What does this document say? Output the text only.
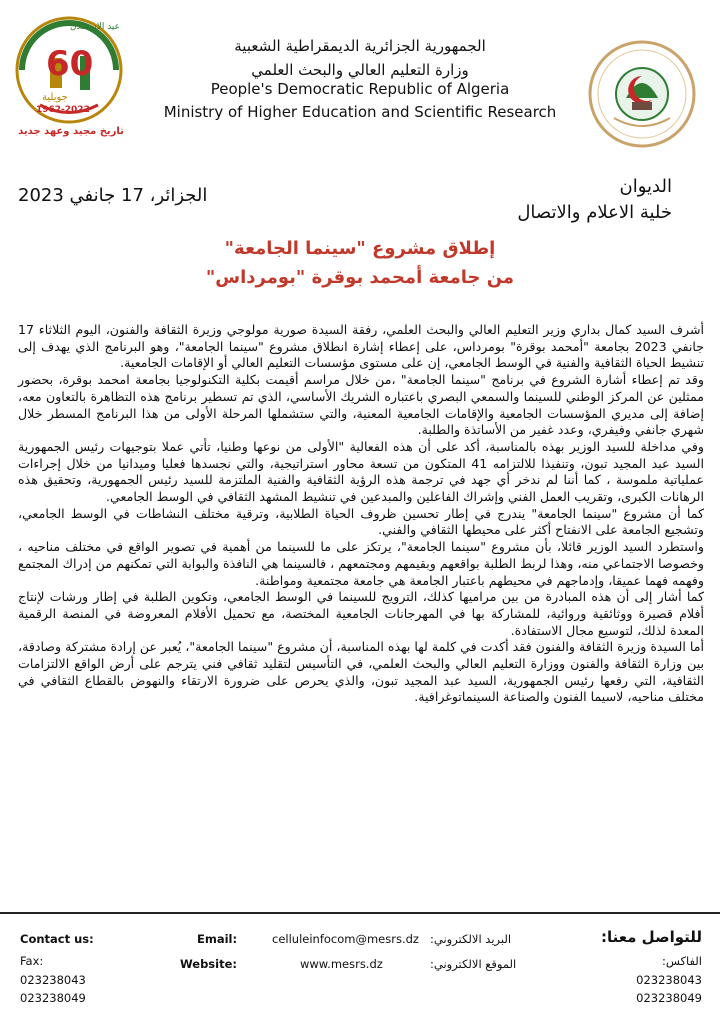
عيد الاستقلال
60
جويلية
1962-2022
تاريخ مجيد وعهد جديد
الجمهورية الجزائرية الديمقراطية الشعبية
وزارة التعليم العالي والبحث العلمي
People's Democratic Republic of Algeria
Ministry of Higher Education and Scientific Research
الديوان
خلية الاعلام والاتصال
الجزائر، 17 جانفي 2023
إطلاق مشروع "سينما الجامعة"
من جامعة أمحمد بوقرة "بومرداس"

أشرف السيد كمال بداري وزير التعليم العالي والبحث العلمي، رفقة السيدة صورية مولوجي وزيرة الثقافة والفنون، اليوم الثلاثاء 17 جانفي 2023 بجامعة "أمحمد بوقرة" بومرداس، على إعطاء إشارة انطلاق مشروع "سينما الجامعة"، وهو البرنامج الذي يهدف إلى تنشيط الحياة الثقافية والفنية في الوسط الجامعي، إن على مستوى مؤسسات التعليم العالي أو الإقامات الجامعية.

وقد تم إعطاء أشارة الشروع في برنامج "سينما الجامعة" ،من خلال مراسم أقيمت بكلية التكنولوجيا بجامعة امحمد بوقرة، بحضور ممثلين عن المركز الوطني للسينما والسمعي البصري باعتباره الشريك الأساسي، الذي تم تسطير برنامج هذه التظاهرة بالتعاون معه، إضافة إلى مديري المؤسسات الجامعية والإقامات الجامعية المعنية، والتي ستشملها المرحلة الأولى من هذا البرنامج المسطر خلال شهري جانفي وفيفري، وعدد غفير من الأساتذة والطلبة.

وفي مداخلة للسيد الوزير بهذه بالمناسبة، أكد على أن هذه الفعالية "الأولى من نوعها وطنيا، تأتي عملا بتوجيهات رئيس الجمهورية السيد عبد المجيد تبون، وتنفيذا للالتزامه 41 المتكون من تسعة محاور استراتيجية، والتي نجسدها فعليا وميدانيا من خلال إجراءات عملياتية ملموسة ، كما أننا لم ندخر أي جهد في ترجمة هذه الرؤية الثقافية والفنية الملتزمة للسيد رئيس الجمهورية، وتحقيق هذه الرهانات الكبرى، وتقريب العمل الفني وإشراك الفاعلين والمبدعين في تنشيط المشهد الثقافي في الوسط الجامعي.

كما أن مشروع "سينما الجامعة" يندرج في إطار تحسين ظروف الحياة الطلابية، وترقية مختلف النشاطات في الوسط الجامعي، وتشجيع الجامعة على الانفتاح أكثر على محيطها الثقافي والفني.

واستطرد السيد الوزير قائلا، بأن مشروع "سينما الجامعة"، يرتكز على ما للسينما من أهمية في تصوير الواقع في مختلف مناحيه ، وخصوصا الاجتماعي منه، وهذا لربط الطلبة بواقعهم وبقيمهم ومجتمعهم ، فالسينما هي النافذة والبوابة التي تمكنهم من إدراك المجتمع وفهمه فهما عميقا، وإدماجهم في محيطهم باعتبار الجامعة هي جامعة مجتمعية ومواطنة.

كما أشار إلى أن هذه المبادرة من بين مراميها كذلك، الترويج للسينما في الوسط الجامعي، وتكوين الطلبة في إطار ورشات لإنتاج أفلام قصيرة ووثائقية وروائية، للمشاركة بها في المهرجانات الجامعية المختصة، مع تحميل الأفلام المعروضة في المنصة الرقمية المعدة لذلك، لتوسيع مجال الاستفادة.

أما السيدة وزيرة الثقافة والفنون فقد أكدت في كلمة لها بهذه المناسبة، أن مشروع "سينما الجامعة"، يُعبر عن إرادة مشتركة وصادقة، بين وزارة الثقافة والفنون ووزارة التعليم العالي والبحث العلمي، في التأسيس لتقليد ثقافي فني يترجم على أرض الواقع الالتزامات الثقافية، التي رفعها رئيس الجمهورية، السيد عبد المجيد تبون، والذي يحرص على ضرورة الارتقاء والنهوض بالقطاع الثقافي في مختلف مناحيه، لاسيما الفنون والصناعة السينماتوغرافية.

Contact us:
Fax:
023238043
023238049
Email:	celluleinfocom@mesrs.dz البريد الالكتروني:
Website:	www.mesrs.dz	الموقع الالكتروني:
للتواصل معنا:
الفاكس:
023238043
023238049
